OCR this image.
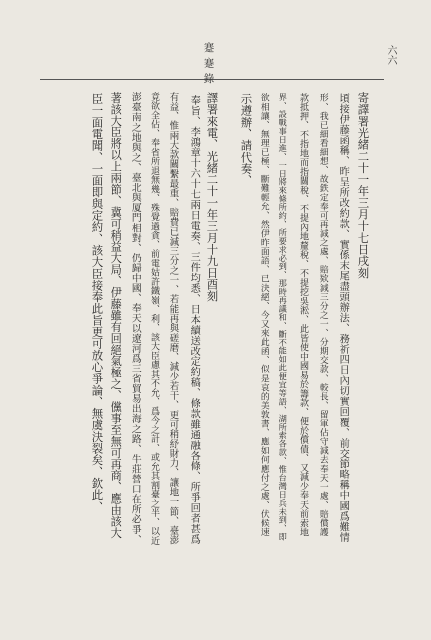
蹇蹇錄	六六
寄譯署光緒二十一年三月十七日戌刻
頃接伊藤函稱、昨呈所改約款、實係末尾盡頭辦法、務祈四日內切實回覆、前交節略稱中國爲難情
形、我已細看細想、故鉄定奉可再減之處、賠欵減三分之一、分期交款、較長、留軍佔守減去奉天一處、賠償護
款抵押、不指地而指關稅、不提內地釐稅、不提挖吳淞、此皆使中國易於籌款、便於償債、又減少奉天前索地
界、設戰事日進、一日將來條所約、所要求必到、那時再議和、斷不能如此便宜等語、湖所索各款、惟台灣日兵未到、即
欲相讓、無理已極、斷難輕允、然伊昨面語、已決絕、今又來此函、似是哀的美敦書、應如何應付之處、伏候速
示遵辦、請代奏、
譯署來電、光緒二十一年三月十九日酉刻
奉旨、李鴻章十六十七兩日電奏、三件均悉、日本續送改定約稿、條款雖通融各條、所爭回者甚爲
有益、惟兩大款關繫最重、賠費已減三分之一、若能再與磋磨、減少若干、更可稍紓財力、讓地一節、臺澎
竟欲全佔、奉省所退無幾、殊覺過貪、前電姑許鐵嶺、利、該大臣慮其不允、爲今之計、或允其割臺之半、以近
澎臺南之地與之、臺北與厦門相對、仍歸中國、奉天以遼河爲三省貿易出海之路、牛莊營口在所必爭、
著該大臣將以上兩節、冀可稍益大局、伊藤雖有回絕氣極之、儻事至無可再商、應由該大
臣一面電聞、一面即與定約、該大臣接奉此旨更可放心爭論、無虞決裂矣、欽此、
